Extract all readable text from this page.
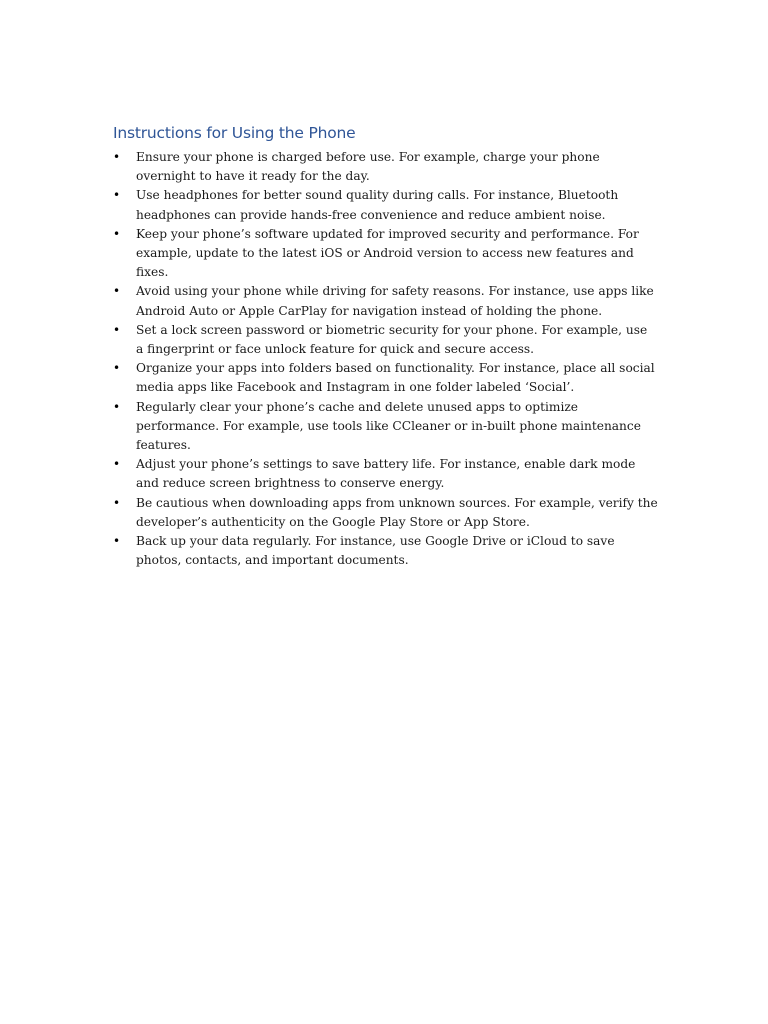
Instructions for Using the Phone
• Ensure your phone is charged before use. For example, charge your phone overnight to have it ready for the day.
• Use headphones for better sound quality during calls. For instance, Bluetooth headphones can provide hands-free convenience and reduce ambient noise.
• Keep your phone’s software updated for improved security and performance. For example, update to the latest iOS or Android version to access new features and fixes.
• Avoid using your phone while driving for safety reasons. For instance, use apps like Android Auto or Apple CarPlay for navigation instead of holding the phone.
• Set a lock screen password or biometric security for your phone. For example, use a fingerprint or face unlock feature for quick and secure access.
• Organize your apps into folders based on functionality. For instance, place all social media apps like Facebook and Instagram in one folder labeled ‘Social’.
• Regularly clear your phone’s cache and delete unused apps to optimize performance. For example, use tools like CCleaner or in-built phone maintenance features.
• Adjust your phone’s settings to save battery life. For instance, enable dark mode and reduce screen brightness to conserve energy.
• Be cautious when downloading apps from unknown sources. For example, verify the developer’s authenticity on the Google Play Store or App Store.
• Back up your data regularly. For instance, use Google Drive or iCloud to save photos, contacts, and important documents.
